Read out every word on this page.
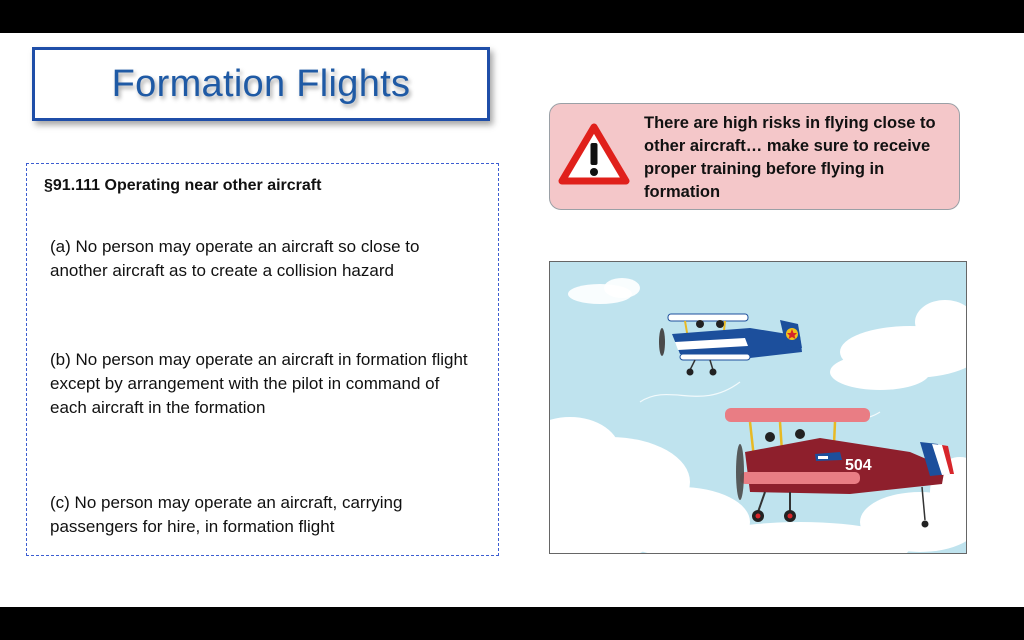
Formation Flights
§91.111 Operating near other aircraft
(a) No person may operate an aircraft so close to another aircraft as to create a collision hazard
(b) No person may operate an aircraft in formation flight except by arrangement with the pilot in command of each aircraft in the formation
(c) No person may operate an aircraft, carrying passengers for hire, in formation flight
There are high risks in flying close to other aircraft… make sure to receive proper training before flying in formation
504
